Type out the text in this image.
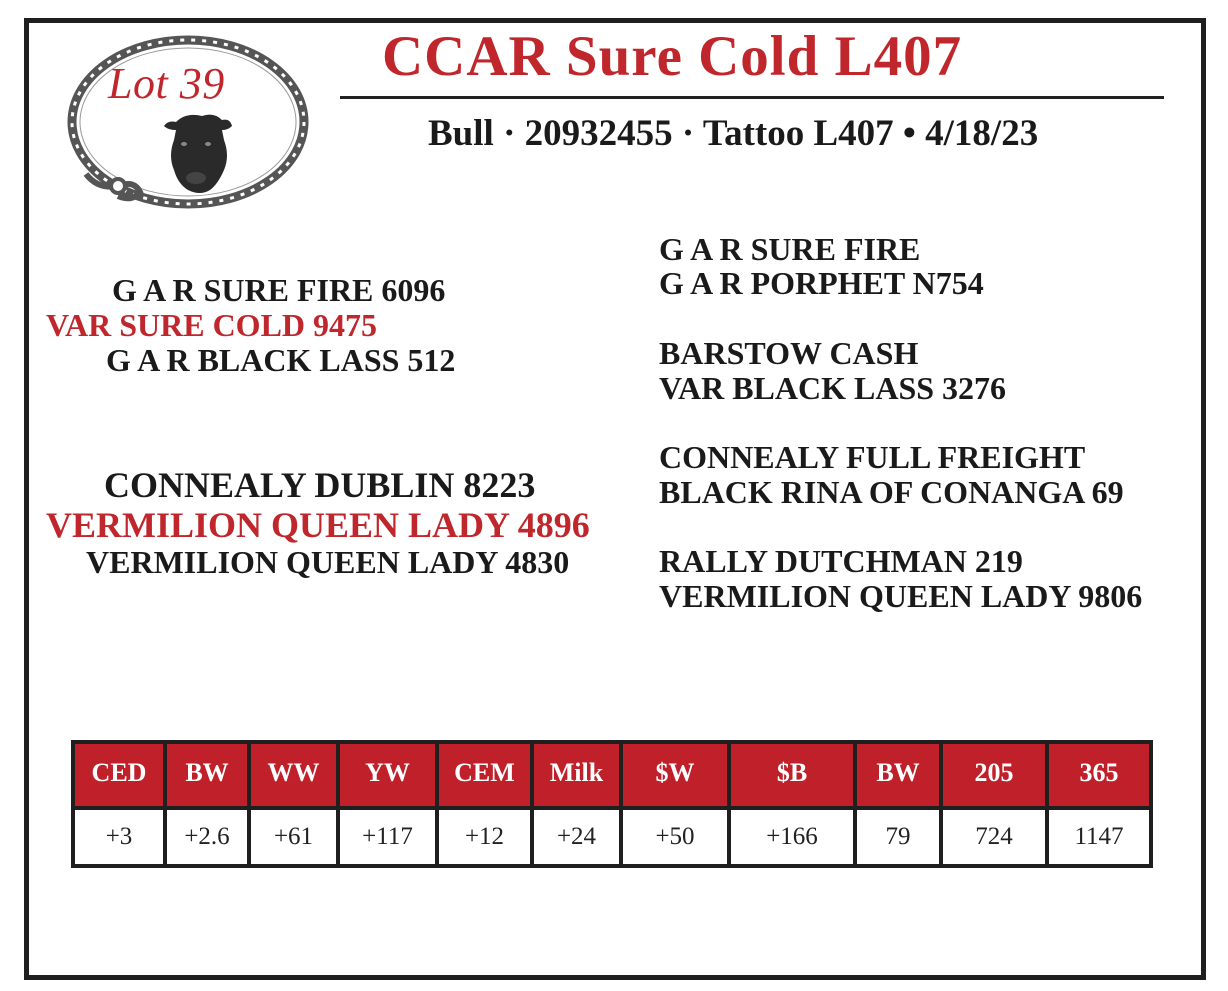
Lot 39	CCAR Sure Cold L407
Bull · 20932455 · Tattoo L407 • 4/18/23
G A R SURE FIRE 6096
VAR SURE COLD 9475
G A R BLACK LASS 512
CONNEALY DUBLIN 8223
VERMILION QUEEN LADY 4896
VERMILION QUEEN LADY 4830
G A R SURE FIRE
G A R PORPHET N754
BARSTOW CASH
VAR BLACK LASS 3276
CONNEALY FULL FREIGHT
BLACK RINA OF CONANGA 69
RALLY DUTCHMAN 219
VERMILION QUEEN LADY 9806
CED	BW	WW	YW	CEM	Milk	$W	$B	BW	205	365
+3	+2.6	+61	+117	+12	+24	+50	+166	79	724	1147
